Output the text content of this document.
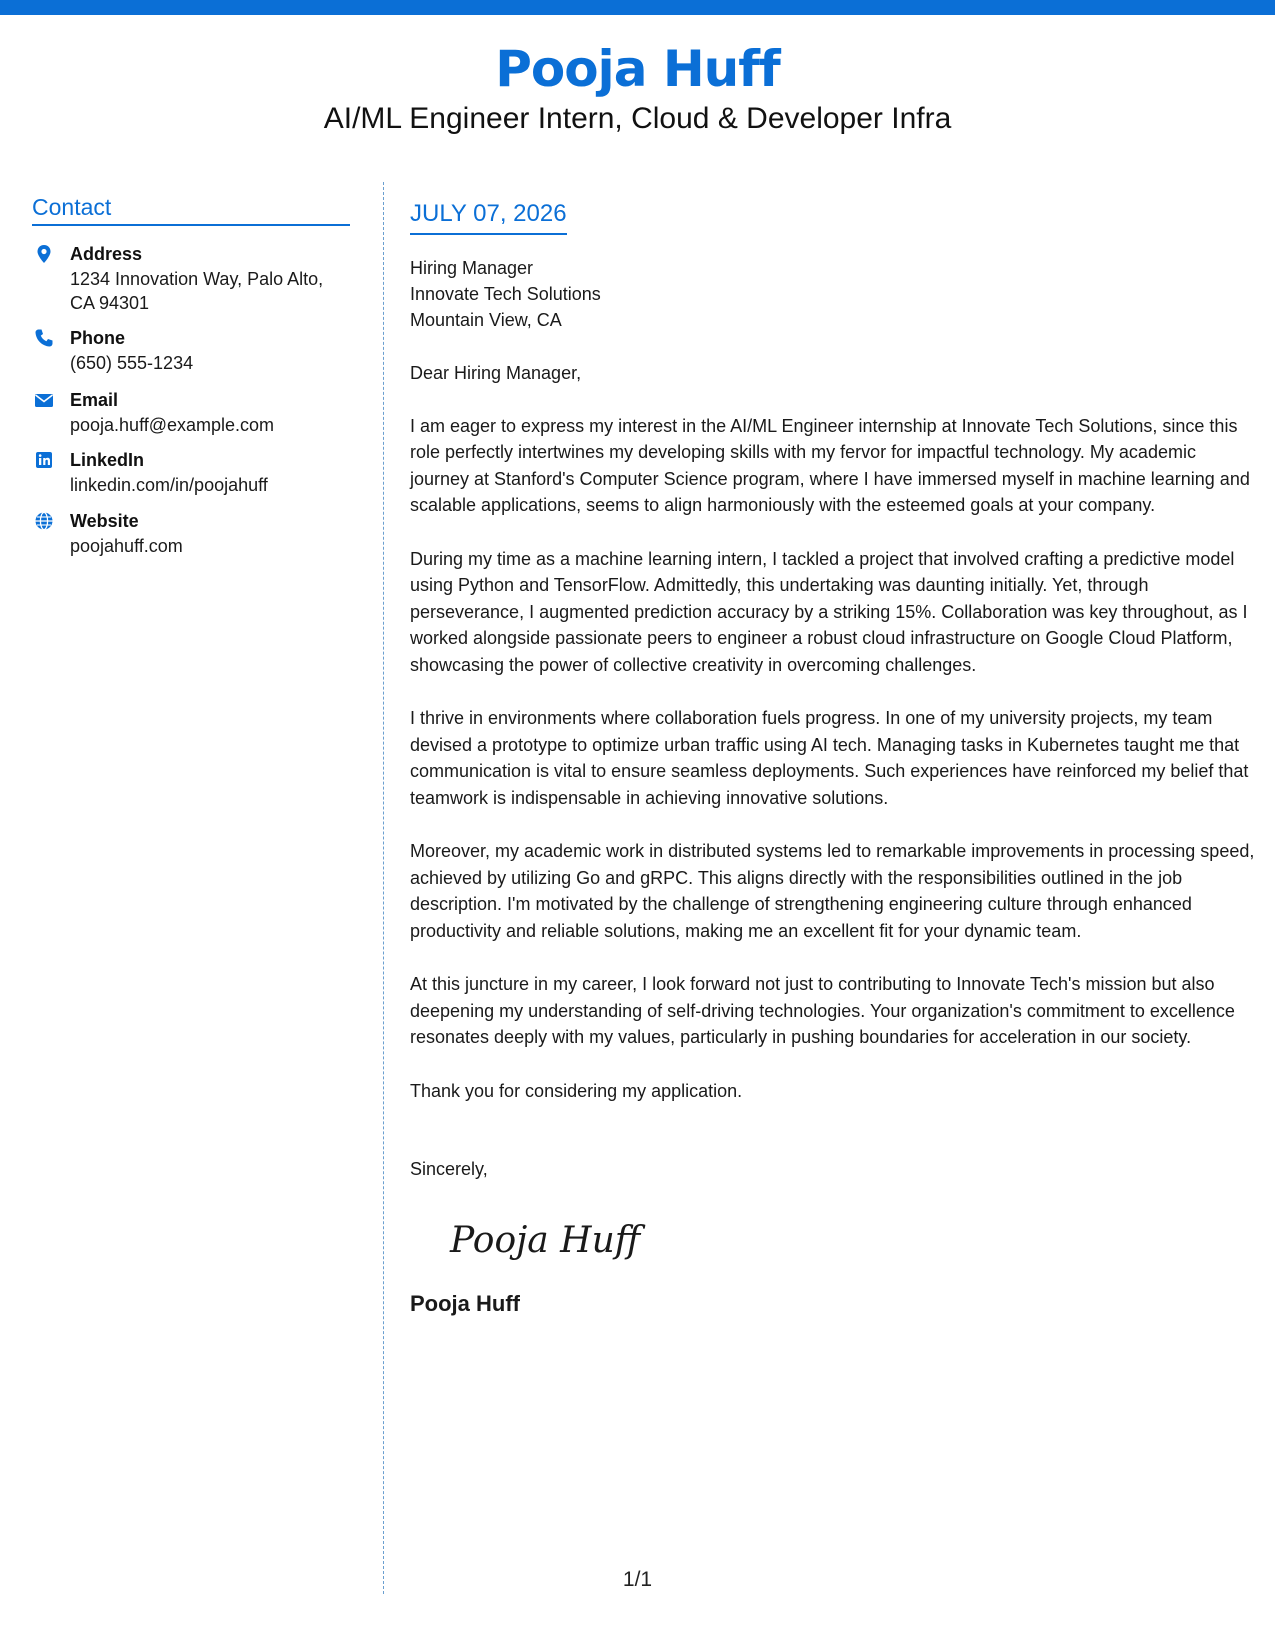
Pooja Huff
AI/ML Engineer Intern, Cloud & Developer Infra
Contact
Address
1234 Innovation Way, Palo Alto,
CA 94301
Phone
(650) 555-1234
Email
pooja.huff@example.com
LinkedIn
linkedin.com/in/poojahuff
Website
poojahuff.com
JULY 07, 2026
Hiring Manager
Innovate Tech Solutions
Mountain View, CA
Dear Hiring Manager,
I am eager to express my interest in the AI/ML Engineer internship at Innovate Tech Solutions, since this role perfectly intertwines my developing skills with my fervor for impactful technology. My academic journey at Stanford's Computer Science program, where I have immersed myself in machine learning and scalable applications, seems to align harmoniously with the esteemed goals at your company.
During my time as a machine learning intern, I tackled a project that involved crafting a predictive model using Python and TensorFlow. Admittedly, this undertaking was daunting initially. Yet, through perseverance, I augmented prediction accuracy by a striking 15%. Collaboration was key throughout, as I worked alongside passionate peers to engineer a robust cloud infrastructure on Google Cloud Platform, showcasing the power of collective creativity in overcoming challenges.
I thrive in environments where collaboration fuels progress. In one of my university projects, my team devised a prototype to optimize urban traffic using AI tech. Managing tasks in Kubernetes taught me that communication is vital to ensure seamless deployments. Such experiences have reinforced my belief that teamwork is indispensable in achieving innovative solutions.
Moreover, my academic work in distributed systems led to remarkable improvements in processing speed, achieved by utilizing Go and gRPC. This aligns directly with the responsibilities outlined in the job description. I'm motivated by the challenge of strengthening engineering culture through enhanced productivity and reliable solutions, making me an excellent fit for your dynamic team.
At this juncture in my career, I look forward not just to contributing to Innovate Tech's mission but also deepening my understanding of self-driving technologies. Your organization's commitment to excellence resonates deeply with my values, particularly in pushing boundaries for acceleration in our society.
Thank you for considering my application.
Sincerely,
Pooja Huff
Pooja Huff
1/1
